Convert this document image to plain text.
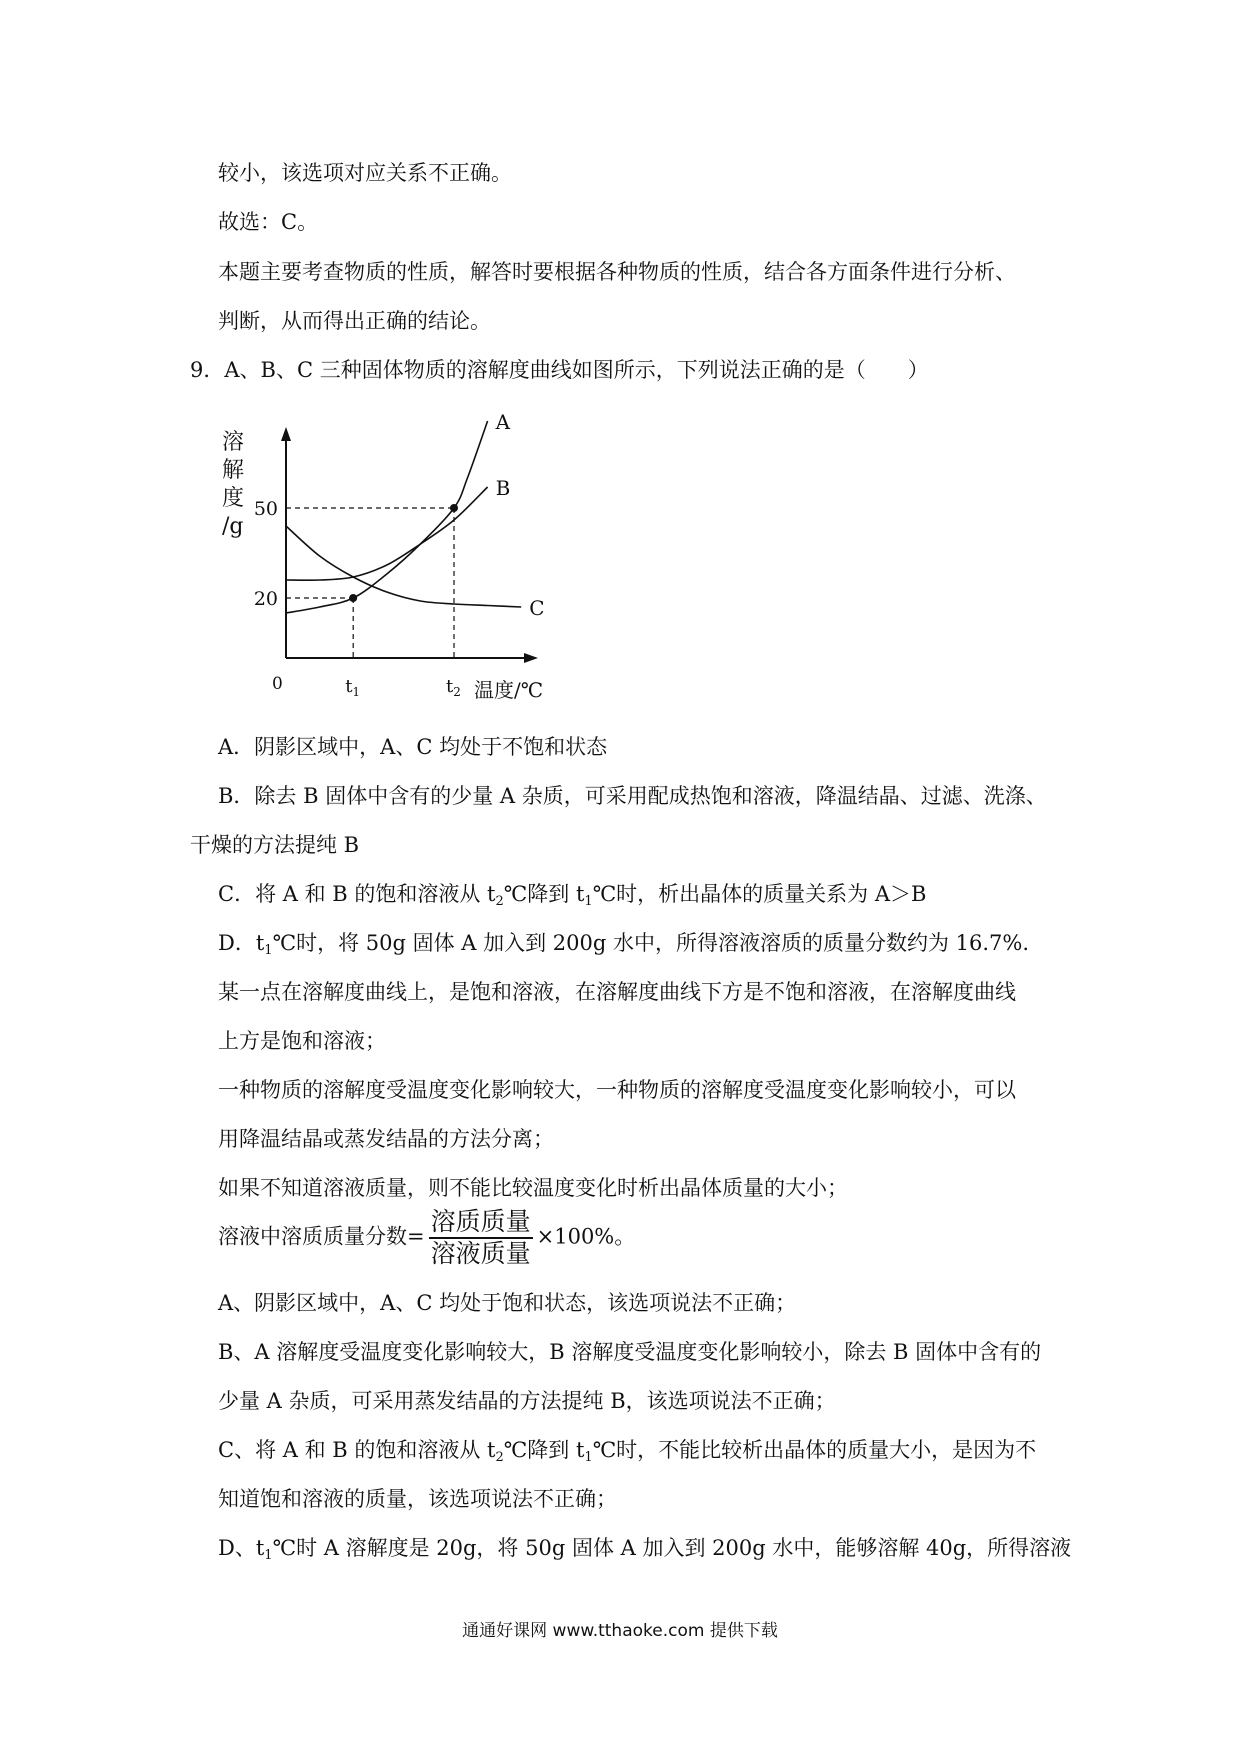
较小，该选项对应关系不正确。
故选：C。
本题主要考查物质的性质，解答时要根据各种物质的性质，结合各方面条件进行分析、
判断，从而得出正确的结论。
9．A、B、C 三种固体物质的溶解度曲线如图所示，下列说法正确的是（　　）
A
B
C
20
50
0	$t_1$	$t_2$
溶
解
度
/g
温度/℃
A．阴影区域中，A、C 均处于不饱和状态
B．除去 B 固体中含有的少量 A 杂质，可采用配成热饱和溶液，降温结晶、过滤、洗涤、
干燥的方法提纯 B
C．将 A 和 B 的饱和溶液从 $t_2℃$降到 $t_1℃$时，析出晶体的质量关系为 A＞B
D．$t_1℃$时，将 50g 固体 A 加入到 200g 水中，所得溶液溶质的质量分数约为 16.7%.
某一点在溶解度曲线上，是饱和溶液，在溶解度曲线下方是不饱和溶液，在溶解度曲线
上方是饱和溶液；
一种物质的溶解度受温度变化影响较大，一种物质的溶解度受温度变化影响较小，可以
用降温结晶或蒸发结晶的方法分离；
如果不知道溶液质量，则不能比较温度变化时析出晶体质量的大小；
溶液中溶质质量分数= $\frac{\text{溶质质量}}{\text{溶液质量}} \times 100\%$。
A、阴影区域中，A、C 均处于饱和状态，该选项说法不正确；
B、A 溶解度受温度变化影响较大，B 溶解度受温度变化影响较小，除去 B 固体中含有的
少量 A 杂质，可采用蒸发结晶的方法提纯 B，该选项说法不正确；
C、将 A 和 B 的饱和溶液从 $t_2℃$降到 $t_1℃$时，不能比较析出晶体的质量大小，是因为不
知道饱和溶液的质量，该选项说法不正确；
D、$t_1℃$时 A 溶解度是 20g，将 50g 固体 A 加入到 200g 水中，能够溶解 40g，所得溶液
通通好课网 www.tthaoke.com 提供下载
